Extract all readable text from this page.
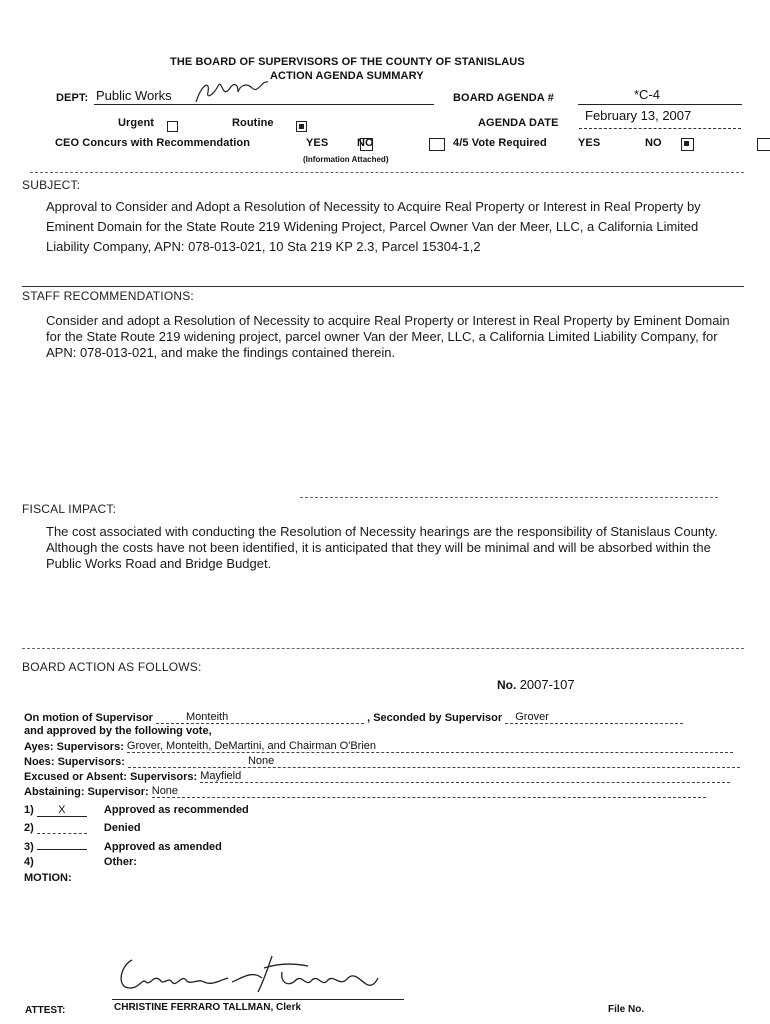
THE BOARD OF SUPERVISORS OF THE COUNTY OF STANISLAUS
ACTION AGENDA SUMMARY
DEPT: Public Works	BOARD AGENDA #	*C-4
Urgent
	Routine
	AGENDA DATE February 13, 2007
CEO Concurs with Recommendation	YES
	NO

(Information Attached)
4/5 Vote Required	YES
	NO
SUBJECT:
Approval to Consider and Adopt a Resolution of Necessity to Acquire Real Property or Interest in Real Property by Eminent Domain for the State Route 219 Widening Project, Parcel Owner Van der Meer, LLC, a California Limited Liability Company, APN: 078-013-021, 10 Sta 219 KP 2.3, Parcel 15304-1,2
STAFF RECOMMENDATIONS:
Consider and adopt a Resolution of Necessity to acquire Real Property or Interest in Real Property by Eminent Domain for the State Route 219 widening project, parcel owner Van der Meer, LLC, a California Limited Liability Company, for APN: 078-013-021, and make the findings contained therein.
FISCAL IMPACT:
The cost associated with conducting the Resolution of Necessity hearings are the responsibility of Stanislaus County. Although the costs have not been identified, it is anticipated that they will be minimal and will be absorbed within the Public Works Road and Bridge Budget.
BOARD ACTION AS FOLLOWS:
No. 2007-107
On motion of Supervisor	Monteith	, Seconded by Supervisor Grover
and approved by the following vote,
Ayes: Supervisors: Grover, Monteith, DeMartini, and Chairman O'Brien
Noes: Supervisors:	None
Excused or Absent: Supervisors: Mayfield
Abstaining: Supervisor: None
1) X	Approved as recommended
2)	Denied
3)	Approved as amended
4)	Other:
MOTION:
ATTEST:	CHRISTINE FERRARO TALLMAN, Clerk	File No.
